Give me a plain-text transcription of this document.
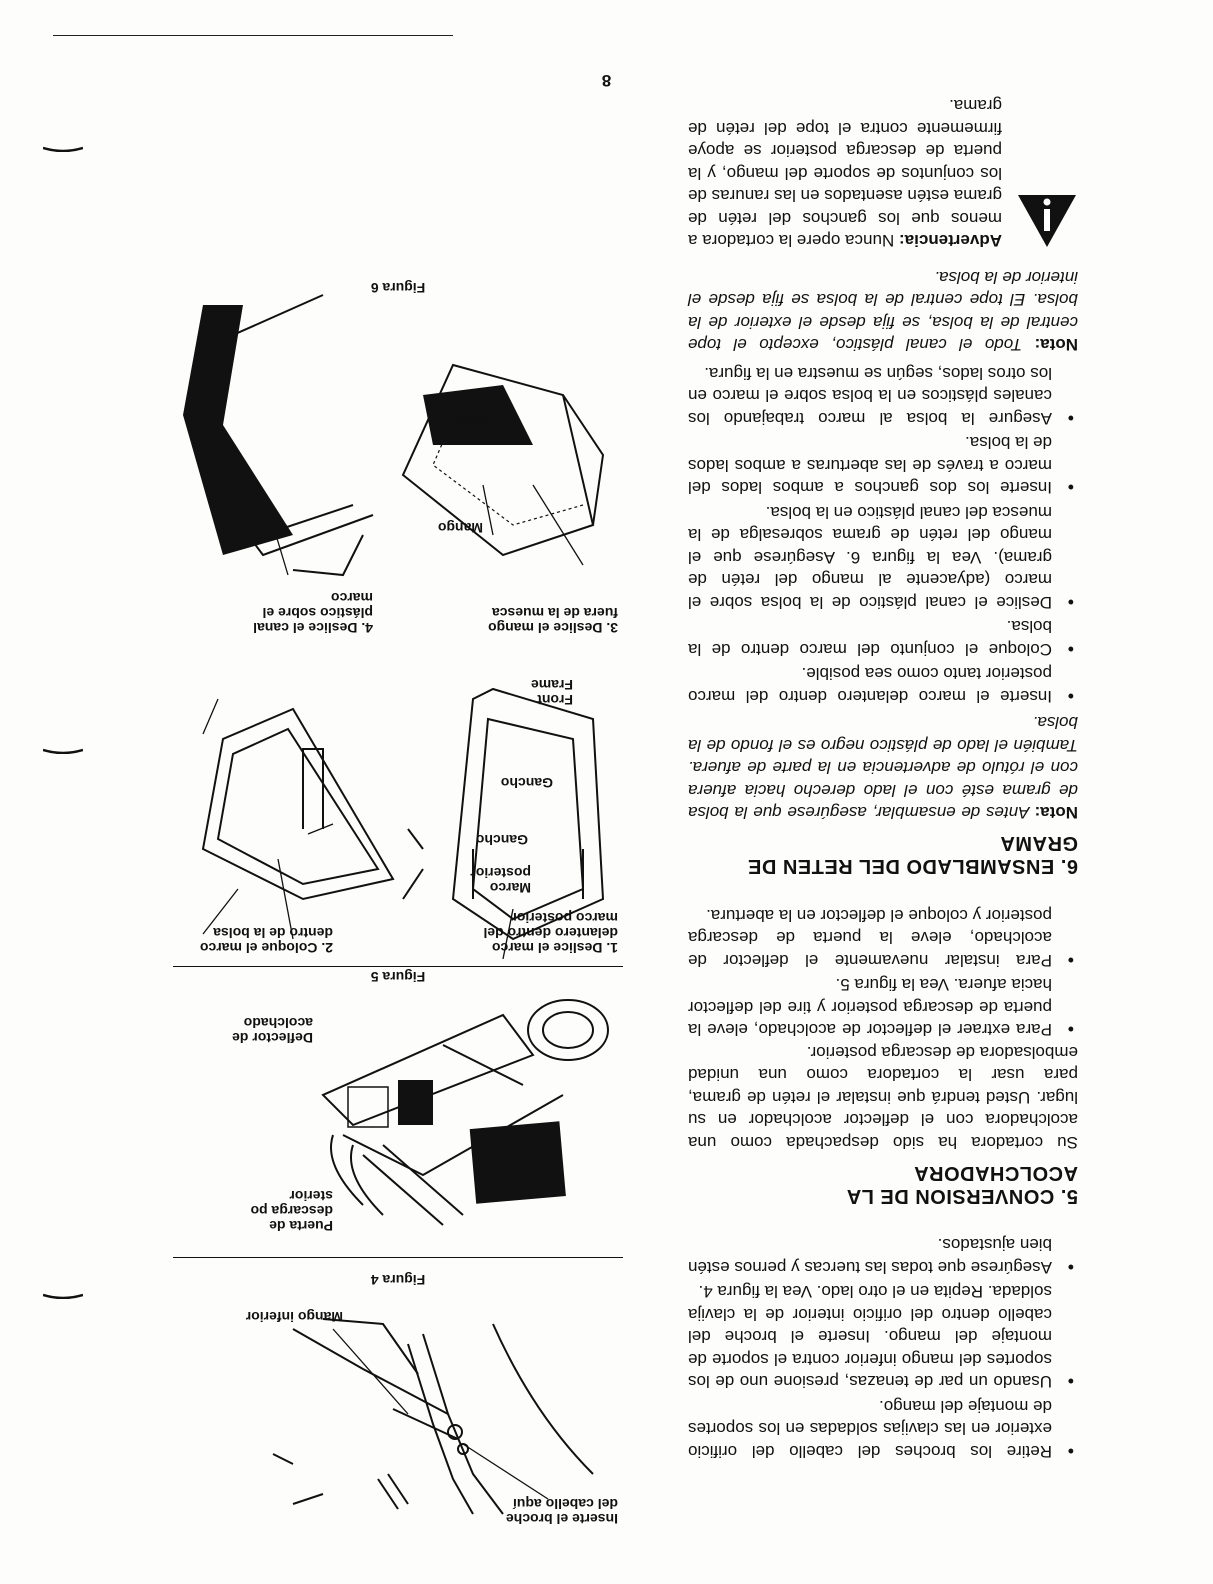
• Retire los broches del cabello del orificio exterior en las clavijas soldadas en los soportes de montaje del mango.
• Usando un par de tenazas, presione uno de los soportes del mango inferior contra el soporte de montaje del mango. Inserte el broche del cabello dentro del orificio interior de la clavija soldada. Repita en el otro lado. Vea la figura 4.
• Asegúrese que todas las tuercas y pernos estén bien ajustados.
5. CONVERSION DE LA ACOLCHADORA

Su cortadora ha sido despachada como una acolchadora con el deflector acolchador en su lugar. Usted tendrá que instalar el retén de grama, para usar la cortadora como una unidad embolsadora de descarga posterior.

• Para extraer el deflector de acolchado, eleve la puerta de descarga posterior y tire del deflector hacia afuera. Vea la figura 5.
• Para instalar nuevamente el deflector de acolchado, eleve la puerta de descarga posterior y coloque el deflector en la abertura.
6. ENSAMBLADO DEL RETEN DE GRAMA

Nota: Antes de ensamblar, asegúrese que la bolsa de grama esté con el lado derecho hacia afuera con el rótulo de advertencia en la parte de afuera. También el lado de plástico negro es el fondo de la bolsa.

• Inserte el marco delantero dentro del marco posterior tanto como sea posible.
• Coloque el conjunto del marco dentro de la bolsa.
• Deslice el canal plástico de la bolsa sobre el marco (adyacente al mango del retén de grama). Vea la figura 6. Asegúrese que el mango del retén de grama sobresalga de la muesca del canal plástico en la bolsa.
• Inserte los dos ganchos a ambos lados del marco a través de las aberturas a ambos lados de la bolsa.
• Asegure la bolsa al marco trabajando los canales plásticos en la bolsa sobre el marco en los otros lados, según se muestra en la figura.

Nota: Todo el canal plástico, excepto el tope central de la bolsa, se fija desde el exterior de la bolsa. El tope central de la bolsa se fija desde el interior de la bolsa.

Advertencia: Nunca opere la cortadora a menos que los ganchos del retén de grama estén asentados en las ranuras de los conjuntos de soporte del mango, y la puerta de descarga posterior se apoye firmemente contra el tope del retén de grama.

Inserte el broche del cabello aquí
Mango inferior
Figura 4
Puerta de descarga po sterior
Deflector de acolchado
Figura 5
1. Deslice el marco delantero dentro del marco posterior
2. Coloque el marco dentro de la bolsa
Marco posterior
Gancho
Gancho
Front Frame
3. Deslice el mango fuera de la muesca
4. Deslice el canal plástico sobre el marco
Mango
Muesca
Figura 6
8
